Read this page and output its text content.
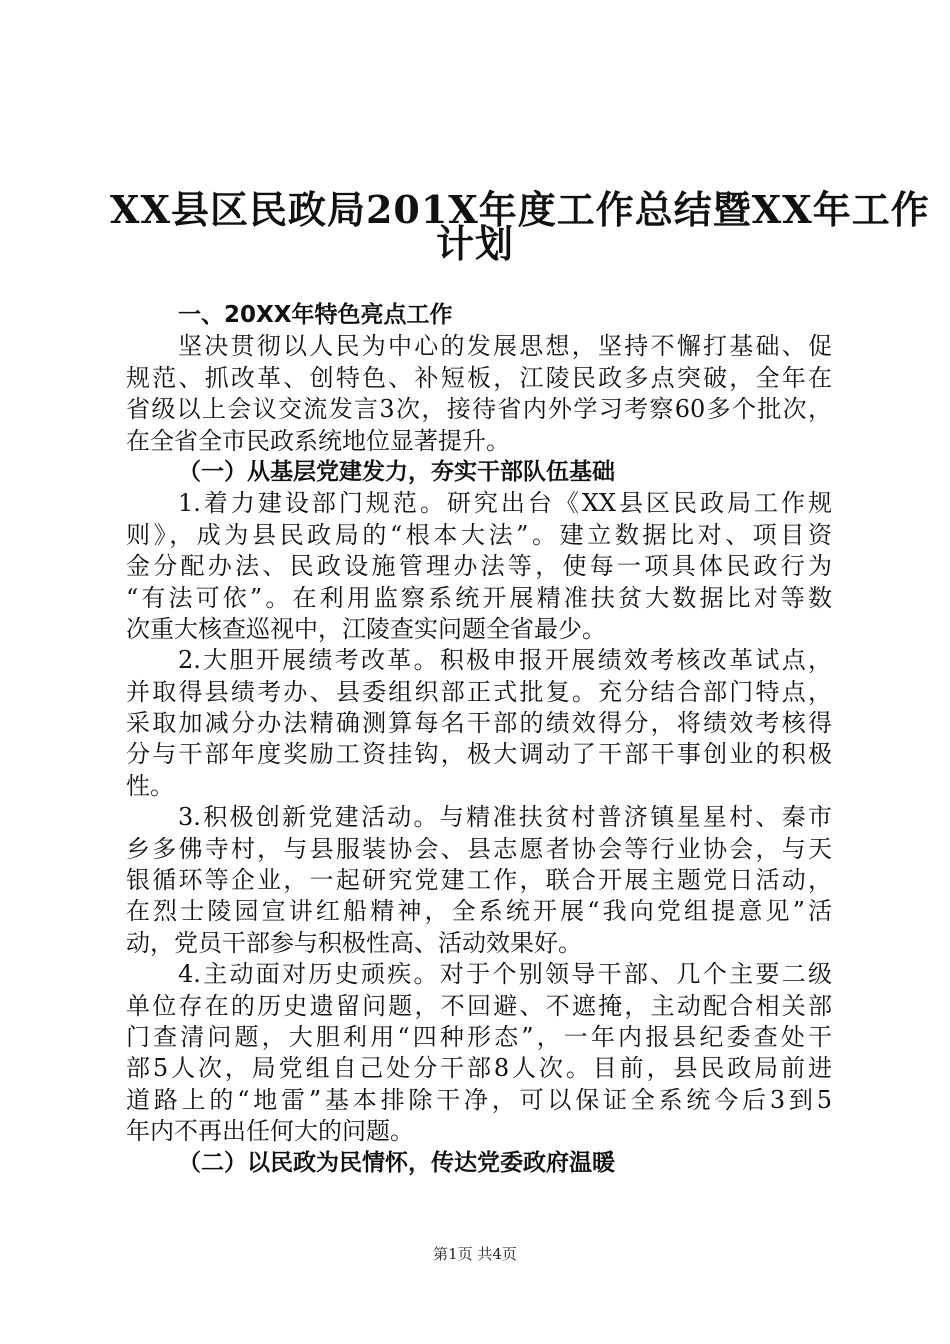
XX县区民政局201X年度工作总结暨XX年工作
计划
一、20XX年特色亮点工作
坚决贯彻以人民为中心的发展思想，坚持不懈打基础、促
规范、抓改革、创特色、补短板，江陵民政多点突破，全年在
省级以上会议交流发言3次，接待省内外学习考察60多个批次，
在全省全市民政系统地位显著提升。
（一）从基层党建发力，夯实干部队伍基础
1.着力建设部门规范。研究出台《XX县区民政局工作规
则》，成为县民政局的“根本大法”。建立数据比对、项目资
金分配办法、民政设施管理办法等，使每一项具体民政行为
“有法可依”。在利用监察系统开展精准扶贫大数据比对等数
次重大核查巡视中，江陵查实问题全省最少。
2.大胆开展绩考改革。积极申报开展绩效考核改革试点，
并取得县绩考办、县委组织部正式批复。充分结合部门特点，
采取加减分办法精确测算每名干部的绩效得分，将绩效考核得
分与干部年度奖励工资挂钩，极大调动了干部干事创业的积极
性。
3.积极创新党建活动。与精准扶贫村普济镇星星村、秦市
乡多佛寺村，与县服装协会、县志愿者协会等行业协会，与天
银循环等企业，一起研究党建工作，联合开展主题党日活动，
在烈士陵园宣讲红船精神，全系统开展“我向党组提意见”活
动，党员干部参与积极性高、活动效果好。
4.主动面对历史顽疾。对于个别领导干部、几个主要二级
单位存在的历史遗留问题，不回避、不遮掩，主动配合相关部
门查清问题，大胆利用“四种形态”，一年内报县纪委查处干
部5人次，局党组自己处分干部8人次。目前，县民政局前进
道路上的“地雷”基本排除干净，可以保证全系统今后3到5
年内不再出任何大的问题。
（二）以民政为民情怀，传达党委政府温暖
第1页 共4页
